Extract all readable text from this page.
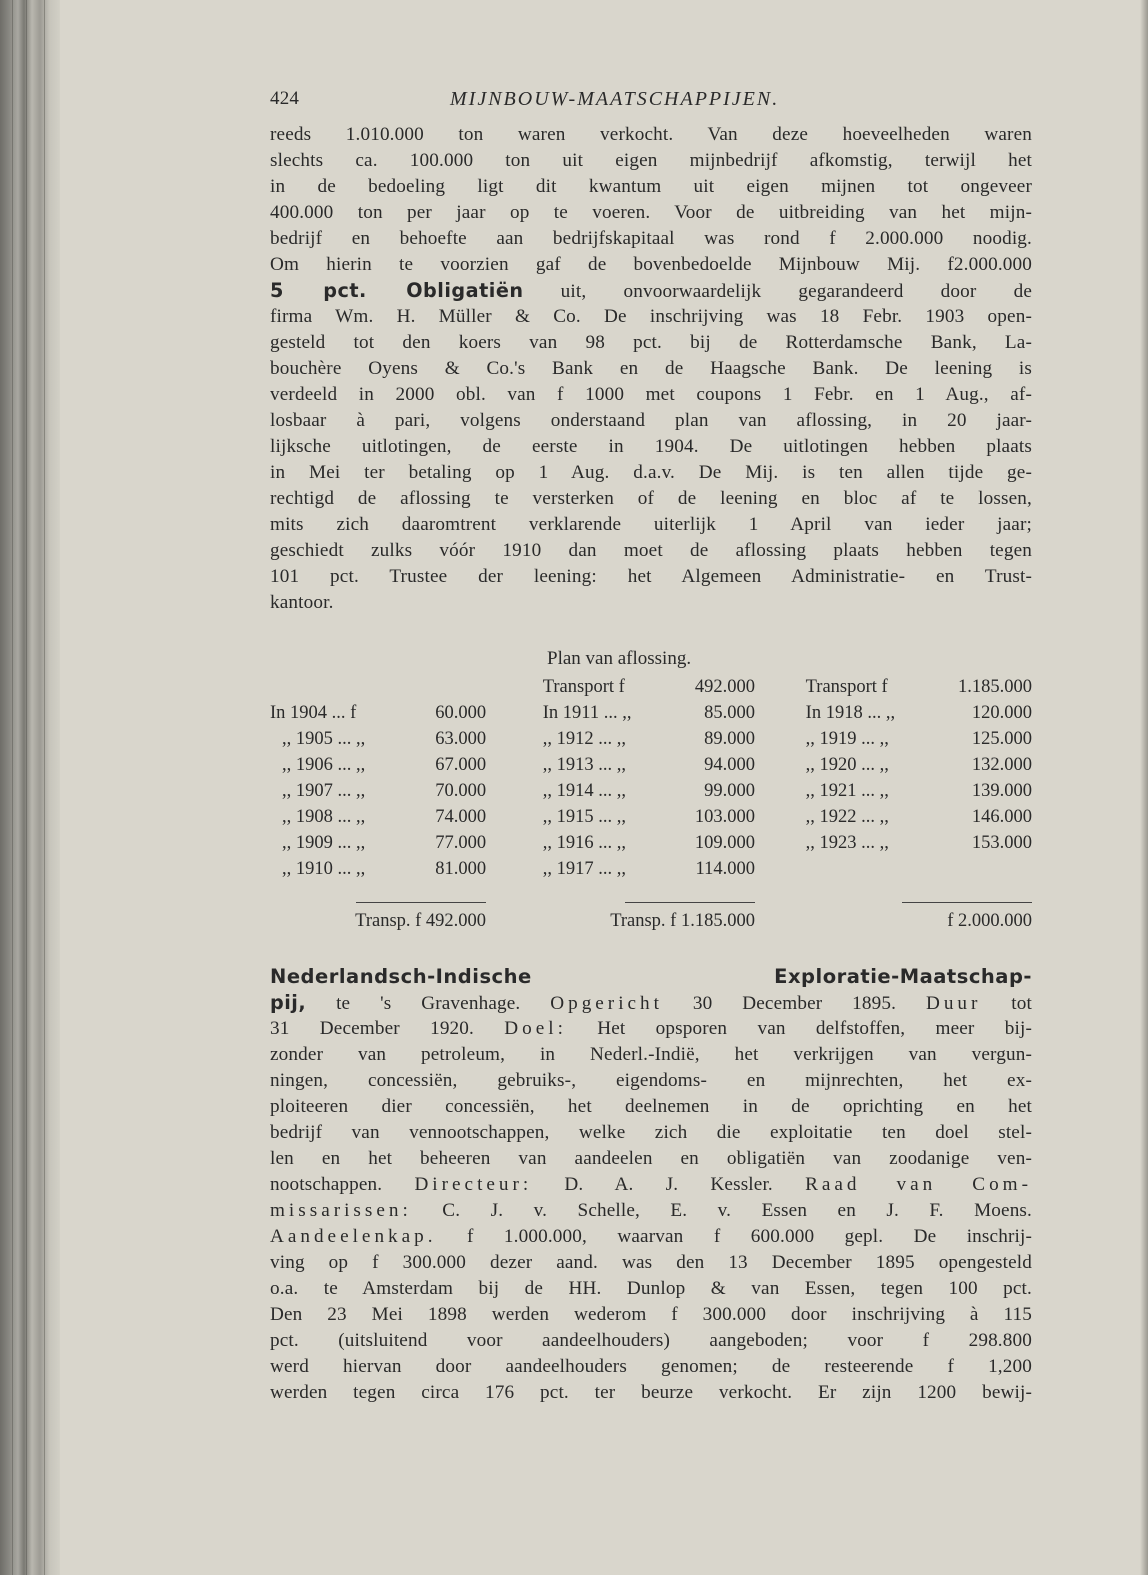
424	MIJNBOUW-MAATSCHAPPIJEN.

reeds 1.010.000 ton waren verkocht. Van deze hoeveelheden waren
slechts ca. 100.000 ton uit eigen mijnbedrijf afkomstig, terwijl het
in de bedoeling ligt dit kwantum uit eigen mijnen tot ongeveer
400.000 ton per jaar op te voeren. Voor de uitbreiding van het mijn-
bedrijf en behoefte aan bedrijfskapitaal was rond f 2.000.000 noodig.
Om hierin te voorzien gaf de bovenbedoelde Mijnbouw Mij. f2.000.000
5 pct. Obligatiën uit, onvoorwaardelijk gegarandeerd door de
firma Wm. H. Müller & Co. De inschrijving was 18 Febr. 1903 open-
gesteld tot den koers van 98 pct. bij de Rotterdamsche Bank, La-
bouchère Oyens & Co.'s Bank en de Haagsche Bank. De leening is
verdeeld in 2000 obl. van f 1000 met coupons 1 Febr. en 1 Aug., af-
losbaar à pari, volgens onderstaand plan van aflossing, in 20 jaar-
lijksche uitlotingen, de eerste in 1904. De uitlotingen hebben plaats
in Mei ter betaling op 1 Aug. d.a.v. De Mij. is ten allen tijde ge-
rechtigd de aflossing te versterken of de leening en bloc af te lossen,
mits zich daaromtrent verklarende uiterlijk 1 April van ieder jaar;
geschiedt zulks vóór 1910 dan moet de aflossing plaats hebben tegen
101 pct. Trustee der leening: het Algemeen Administratie- en Trust-
kantoor.

Plan van aflossing.
			Transport f	492.000		Transport f	1.185.000
In 1904 ... f	60.000		In 1911 ... ,,	85.000		In 1918 ... ,,	120.000
,, 1905 ... ,,	63.000		,, 1912 ... ,,	89.000		,, 1919 ... ,,	125.000
,, 1906 ... ,,	67.000		,, 1913 ... ,,	94.000		,, 1920 ... ,,	132.000
,, 1907 ... ,,	70.000		,, 1914 ... ,,	99.000		,, 1921 ... ,,	139.000
,, 1908 ... ,,	74.000		,, 1915 ... ,,	103.000		,, 1922 ... ,,	146.000
,, 1909 ... ,,	77.000		,, 1916 ... ,,	109.000		,, 1923 ... ,,	153.000
,, 1910 ... ,,	81.000		,, 1917 ... ,,	114.000			

Transp. f 492.000			Transp. f 1.185.000			f 2.000.000	

Nederlandsch-Indische	Exploratie-Maatschap-
pij, te 's Gravenhage. Opgericht 30 December 1895. Duur tot
31 December 1920. Doel: Het opsporen van delfstoffen, meer bij-
zonder van petroleum, in Nederl.-Indië, het verkrijgen van vergun-
ningen, concessiën, gebruiks-, eigendoms- en mijnrechten, het ex-
ploiteeren dier concessiën, het deelnemen in de oprichting en het
bedrijf van vennootschappen, welke zich die exploitatie ten doel stel-
len en het beheeren van aandeelen en obligatiën van zoodanige ven-
nootschappen. Directeur: D. A. J. Kessler. Raad van Com-
missarissen: C. J. v. Schelle, E. v. Essen en J. F. Moens.
Aandeelenkap. f 1.000.000, waarvan f 600.000 gepl. De inschrij-
ving op f 300.000 dezer aand. was den 13 December 1895 opengesteld
o.a. te Amsterdam bij de HH. Dunlop & van Essen, tegen 100 pct.
Den 23 Mei 1898 werden wederom f 300.000 door inschrijving à 115
pct. (uitsluitend voor aandeelhouders) aangeboden; voor f 298.800
werd hiervan door aandeelhouders genomen; de resteerende f 1,200
werden tegen circa 176 pct. ter beurze verkocht. Er zijn 1200 bewij-
